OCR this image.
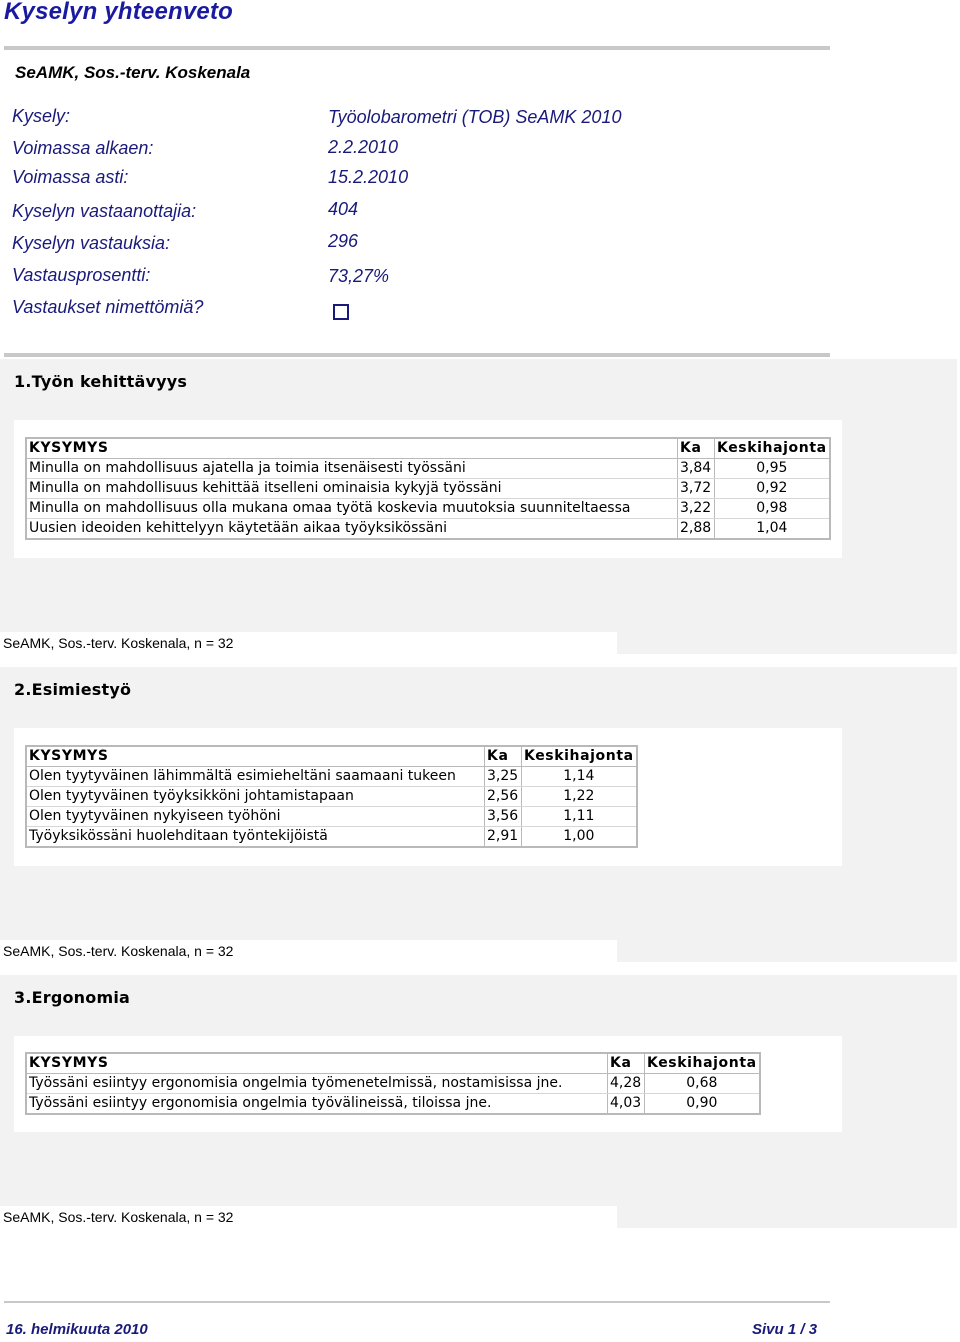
Kyselyn yhteenveto
SeAMK, Sos.-terv. Koskenala
Kysely:	Työolobarometri (TOB) SeAMK 2010
Voimassa alkaen:	2.2.2010
Voimassa asti:	15.2.2010
Kyselyn vastaanottajia:	404
Kyselyn vastauksia:	296
Vastausprosentti:	73,27%
Vastaukset nimettömiä?
1.Työn kehittävyys
KYSYMYS	Ka	Keskihajonta
Minulla on mahdollisuus ajatella ja toimia itsenäisesti työssäni	3,84	0,95
Minulla on mahdollisuus kehittää itselleni ominaisia kykyjä työssäni	3,72	0,92
Minulla on mahdollisuus olla mukana omaa työtä koskevia muutoksia suunniteltaessa	3,22	0,98
Uusien ideoiden kehittelyyn käytetään aikaa työyksikössäni	2,88	1,04
SeAMK, Sos.-terv. Koskenala, n = 32
2.Esimiestyö
KYSYMYS	Ka	Keskihajonta
Olen tyytyväinen lähimmältä esimieheltäni saamaani tukeen	3,25	1,14
Olen tyytyväinen työyksikköni johtamistapaan	2,56	1,22
Olen tyytyväinen nykyiseen työhöni	3,56	1,11
Työyksikössäni huolehditaan työntekijöistä	2,91	1,00
SeAMK, Sos.-terv. Koskenala, n = 32
3.Ergonomia
KYSYMYS	Ka	Keskihajonta
Työssäni esiintyy ergonomisia ongelmia työmenetelmissä, nostamisissa jne.	4,28	0,68
Työssäni esiintyy ergonomisia ongelmia työvälineissä, tiloissa jne.	4,03	0,90
SeAMK, Sos.-terv. Koskenala, n = 32
16. helmikuuta 2010	Sivu 1 / 3
